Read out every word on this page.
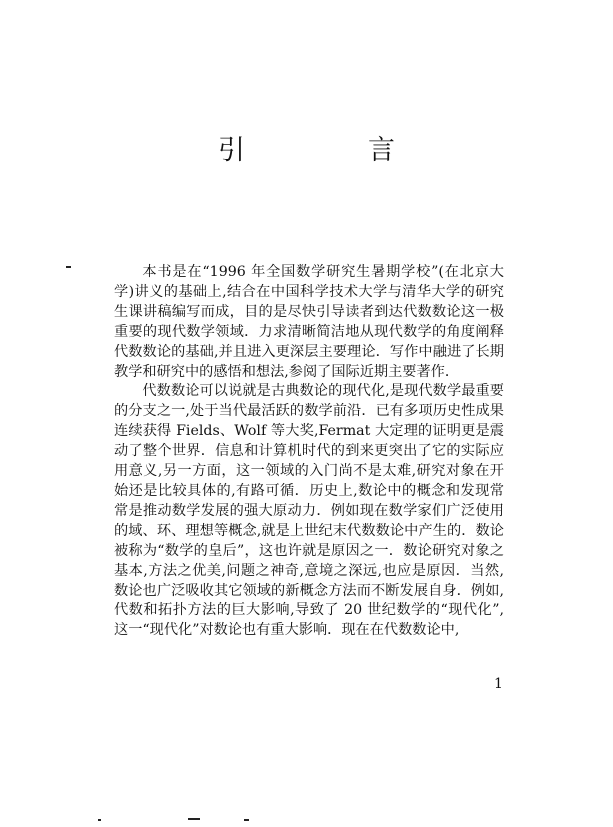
引　言

本书是在“1996 年全国数学研究生暑期学校”(在北京大学)讲义的基础上,结合在中国科学技术大学与清华大学的研究生课讲稿编写而成，目的是尽快引导读者到达代数数论这一极重要的现代数学领域．力求清晰简洁地从现代数学的角度阐释代数数论的基础,并且进入更深层主要理论．写作中融进了长期教学和研究中的感悟和想法,参阅了国际近期主要著作．

代数数论可以说就是古典数论的现代化,是现代数学最重要的分支之一,处于当代最活跃的数学前沿．已有多项历史性成果连续获得 Fields、Wolf 等大奖,Fermat 大定理的证明更是震动了整个世界．信息和计算机时代的到来更突出了它的实际应用意义,另一方面，这一领域的入门尚不是太难,研究对象在开始还是比较具体的,有路可循．历史上,数论中的概念和发现常常是推动数学发展的强大原动力．例如现在数学家们广泛使用的域、环、理想等概念,就是上世纪末代数数论中产生的．数论被称为“数学的皇后”，这也许就是原因之一．数论研究对象之基本,方法之优美,问题之神奇,意境之深远,也应是原因．当然,数论也广泛吸收其它领域的新概念方法而不断发展自身．例如,代数和拓扑方法的巨大影响,导致了 20 世纪数学的“现代化”,这一“现代化”对数论也有重大影响．现在在代数数论中,

1
